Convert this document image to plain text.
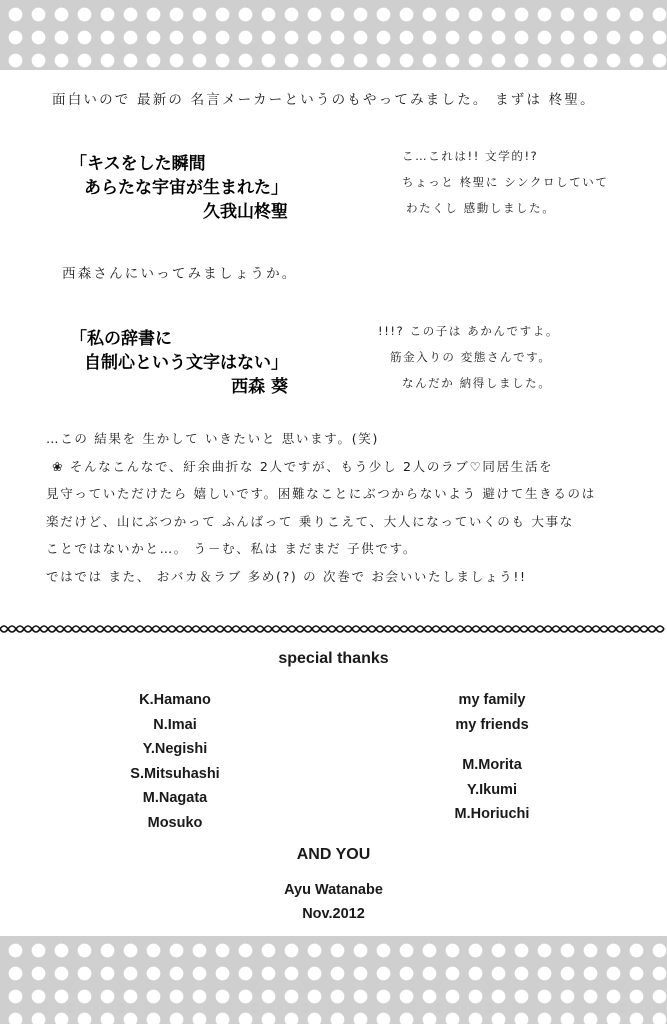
面白いので 最新の 名言メーカーというのもやってみました。 まずは 柊聖。
「キスをした瞬間
あらたな宇宙が生まれた」
久我山柊聖
こ…これは!! 文学的!?
ちょっと 柊聖に シンクロしていて
わたくし 感動しました。
西森さんにいってみましょうか。
「私の辞書に
自制心という文字はない」
西森 葵
!!!? この子は あかんですよ。
筋金入りの 変態さんです。
なんだか 納得しました。
…この 結果を 生かして いきたいと 思います。(笑)
❀ そんなこんなで、紆余曲折な 2人ですが、もう少し 2人のラブ♡同居生活を
見守っていただけたら 嬉しいです。困難なことにぶつからないよう 避けて生きるのは
楽だけど、山にぶつかって ふんばって 乗りこえて、大人になっていくのも 大事な
ことではないかと…。 う－む、私は まだまだ 子供です。
ではでは また、 おバカ＆ラブ 多め(?) の 次巻で お会いいたしましょう!!
special thanks
K.Hamano
N.Imai
Y.Negishi
S.Mitsuhashi
M.Nagata
Mosuko
my family
my friends
M.Morita
Y.Ikumi
M.Horiuchi
AND YOU
Ayu Watanabe
Nov.2012
